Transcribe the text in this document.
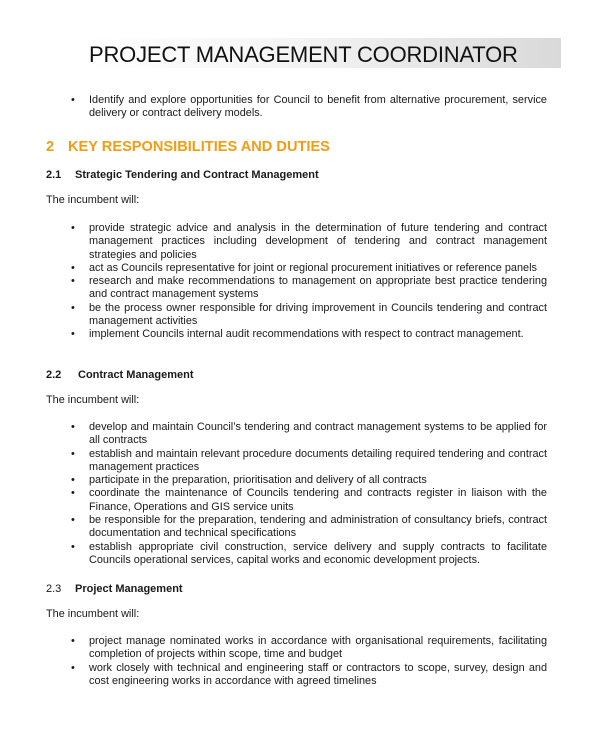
PROJECT MANAGEMENT COORDINATOR
• Identify and explore opportunities for Council to benefit from alternative procurement, service delivery or contract delivery models.
2 KEY RESPONSIBILITIES AND DUTIES
2.1 Strategic Tendering and Contract Management
The incumbent will:
• provide strategic advice and analysis in the determination of future tendering and contract management practices including development of tendering and contract management strategies and policies
• act as Councils representative for joint or regional procurement initiatives or reference panels
• research and make recommendations to management on appropriate best practice tendering and contract management systems
• be the process owner responsible for driving improvement in Councils tendering and contract management activities
• implement Councils internal audit recommendations with respect to contract management.
2.2 Contract Management
The incumbent will:
• develop and maintain Council’s tendering and contract management systems to be applied for all contracts
• establish and maintain relevant procedure documents detailing required tendering and contract management practices
• participate in the preparation, prioritisation and delivery of all contracts
• coordinate the maintenance of Councils tendering and contracts register in liaison with the Finance, Operations and GIS service units
• be responsible for the preparation, tendering and administration of consultancy briefs, contract documentation and technical specifications
• establish appropriate civil construction, service delivery and supply contracts to facilitate Councils operational services, capital works and economic development projects.
2.3 Project Management
The incumbent will:
• project manage nominated works in accordance with organisational requirements, facilitating completion of projects within scope, time and budget
• work closely with technical and engineering staff or contractors to scope, survey, design and cost engineering works in accordance with agreed timelines
